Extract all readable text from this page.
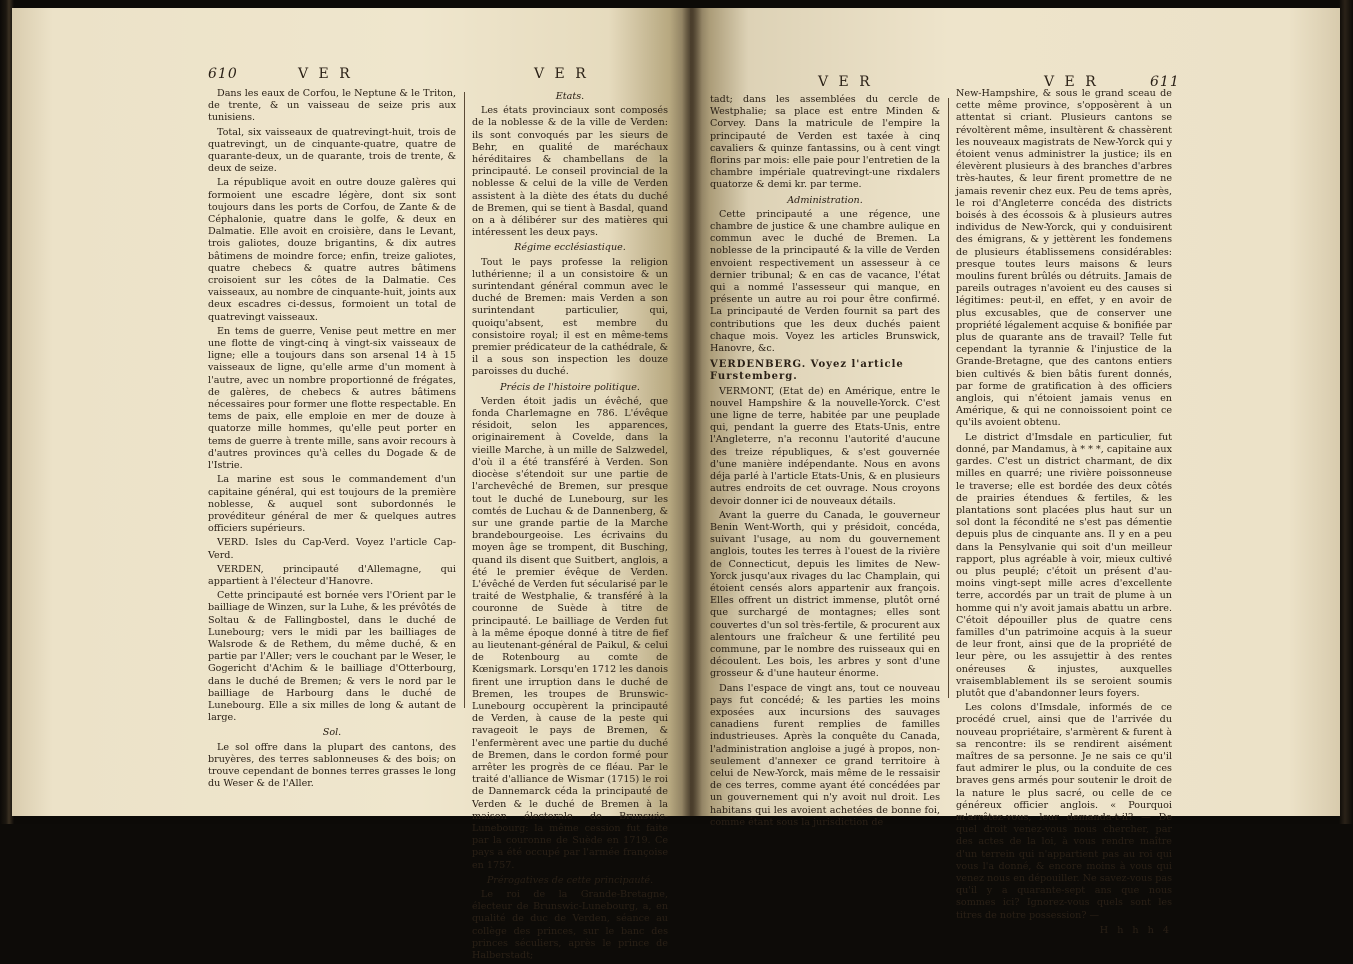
610	V E R	V E R

Dans les eaux de Corfou, le Neptune & le Triton, de trente, & un vaisseau de seize pris aux tunisiens.

Total, six vaisseaux de quatrevingt-huit, trois de quatrevingt, un de cinquante-quatre, quatre de quarante-deux, un de quarante, trois de trente, & deux de seize.

La république avoit en outre douze galères qui formoient une escadre légère, dont six sont toujours dans les ports de Corfou, de Zante & de Céphalonie, quatre dans le golfe, & deux en Dalmatie. Elle avoit en croisière, dans le Levant, trois galiotes, douze brigantins, & dix autres bâtimens de moindre force; enfin, treize galiotes, quatre chebecs & quatre autres bâtimens croisoient sur les côtes de la Dalmatie. Ces vaisseaux, au nombre de cinquante-huit, joints aux deux escadres ci-dessus, formoient un total de quatrevingt vaisseaux.

En tems de guerre, Venise peut mettre en mer une flotte de vingt-cinq à vingt-six vaisseaux de ligne; elle a toujours dans son arsenal 14 à 15 vaisseaux de ligne, qu'elle arme d'un moment à l'autre, avec un nombre proportionné de frégates, de galères, de chebecs & autres bâtimens nécessaires pour former une flotte respectable. En tems de paix, elle emploie en mer de douze à quatorze mille hommes, qu'elle peut porter en tems de guerre à trente mille, sans avoir recours à d'autres provinces qu'à celles du Dogade & de l'Istrie.

La marine est sous le commandement d'un capitaine général, qui est toujours de la première noblesse, & auquel sont subordonnés le provéditeur général de mer & quelques autres officiers supérieurs.

VERD. Isles du Cap-Verd. Voyez l'article Cap-Verd.

VERDEN, principauté d'Allemagne, qui appartient à l'électeur d'Hanovre.

Cette principauté est bornée vers l'Orient par le bailliage de Winzen, sur la Luhe, & les prévôtés de Soltau & de Fallingbostel, dans le duché de Lunebourg; vers le midi par les bailliages de Walsrode & de Rethem, du même duché, & en partie par l'Aller; vers le couchant par le Weser, le Gogericht d'Achim & le bailliage d'Otterbourg, dans le duché de Bremen; & vers le nord par le bailliage de Harbourg dans le duché de Lunebourg. Elle a six milles de long & autant de large.

Sol.

Le sol offre dans la plupart des cantons, des bruyères, des terres sablonneuses & des bois; on trouve cependant de bonnes terres grasses le long du Weser & de l'Aller.

Etats.

Les états provinciaux sont composés de la noblesse & de la ville de Verden: ils sont convoqués par les sieurs de Behr, en qualité de maréchaux héréditaires & chambellans de la principauté. Le conseil provincial de la noblesse & celui de la ville de Verden assistent à la diète des états du duché de Bremen, qui se tient à Basdal, quand on a à délibérer sur des matières qui intéressent les deux pays.

Régime ecclésiastique.

Tout le pays professe la religion luthérienne; il a un consistoire & un surintendant général commun avec le duché de Bremen: mais Verden a son surintendant particulier, qui, quoiqu'absent, est membre du consistoire royal; il est en même-tems premier prédicateur de la cathédrale, & il a sous son inspection les douze paroisses du duché.

Précis de l'histoire politique.

Verden étoit jadis un évêché, que fonda Charlemagne en 786. L'évêque résidoit, selon les apparences, originairement à Covelde, dans la vieille Marche, à un mille de Salzwedel, d'où il a été transféré à Verden. Son diocèse s'étendoit sur une partie de l'archevêché de Bremen, sur presque tout le duché de Lunebourg, sur les comtés de Luchau & de Dannenberg, & sur une grande partie de la Marche brandebourgeoise. Les écrivains du moyen âge se trompent, dit Busching, quand ils disent que Suitbert, anglois, a été le premier évêque de Verden. L'évêché de Verden fut sécularisé par le traité de Westphalie, & transféré à la couronne de Suède à titre de principauté. Le bailliage de Verden fut à la même époque donné à titre de fief au lieutenant-général de Paikul, & celui de Rotenbourg au comte de Kœnigsmark. Lorsqu'en 1712 les danois firent une irruption dans le duché de Bremen, les troupes de Brunswic-Lunebourg occupèrent la principauté de Verden, à cause de la peste qui ravageoit le pays de Bremen, & l'enfermèrent avec une partie du duché de Bremen, dans le cordon formé pour arrêter les progrès de ce fléau. Par le traité d'alliance de Wismar (1715) le roi de Dannemarck céda la principauté de Verden & le duché de Bremen à la maison électorale de Brunswic-Lunebourg: la même cession fut faite par la couronne de Suède en 1719. Ce pays a été occupé par l'armée françoise en 1757.

Prérogatives de cette principauté.

Le roi de la Grande-Bretagne, électeur de Brunswic-Lunebourg, a, en qualité de duc de Verden, séance au collège des princes, sur le banc des princes séculiers, après le prince de Halberstadt;

V E R	V E R	611

tadt; dans les assemblées du cercle de Westphalie; sa place est entre Minden & Corvey. Dans la matricule de l'empire la principauté de Verden est taxée à cinq cavaliers & quinze fantassins, ou à cent vingt florins par mois: elle paie pour l'entretien de la chambre impériale quatrevingt-une rixdalers quatorze & demi kr. par terme.

Administration.

Cette principauté a une régence, une chambre de justice & une chambre aulique en commun avec le duché de Bremen. La noblesse de la principauté & la ville de Verden envoient respectivement un assesseur à ce dernier tribunal; & en cas de vacance, l'état qui a nommé l'assesseur qui manque, en présente un autre au roi pour être confirmé. La principauté de Verden fournit sa part des contributions que les deux duchés paient chaque mois. Voyez les articles Brunswick, Hanovre, &c.

VERDENBERG. Voyez l'article Furstemberg.

VERMONT, (Etat de) en Amérique, entre le nouvel Hampshire & la nouvelle-Yorck. C'est une ligne de terre, habitée par une peuplade qui, pendant la guerre des Etats-Unis, entre l'Angleterre, n'a reconnu l'autorité d'aucune des treize républiques, & s'est gouvernée d'une manière indépendante. Nous en avons déja parlé à l'article Etats-Unis, & en plusieurs autres endroits de cet ouvrage. Nous croyons devoir donner ici de nouveaux détails.

Avant la guerre du Canada, le gouverneur Benin Went-Worth, qui y présidoit, concéda, suivant l'usage, au nom du gouvernement anglois, toutes les terres à l'ouest de la rivière de Connecticut, depuis les limites de New-Yorck jusqu'aux rivages du lac Champlain, qui étoient censés alors appartenir aux françois. Elles offrent un district immense, plutôt orné que surchargé de montagnes; elles sont couvertes d'un sol très-fertile, & procurent aux alentours une fraîcheur & une fertilité peu commune, par le nombre des ruisseaux qui en découlent. Les bois, les arbres y sont d'une grosseur & d'une hauteur énorme.

Dans l'espace de vingt ans, tout ce nouveau pays fut concédé; & les parties les moins exposées aux incursions des sauvages canadiens furent remplies de familles industrieuses. Après la conquête du Canada, l'administration angloise a jugé à propos, non-seulement d'annexer ce grand territoire à celui de New-Yorck, mais même de le ressaisir de ces terres, comme ayant été concédées par un gouvernement qui n'y avoit nul droit. Les habitans qui les avoient achetées de bonne foi, comme étant sous la jurisdiction de

New-Hampshire, & sous le grand sceau de cette même province, s'opposèrent à un attentat si criant. Plusieurs cantons se révoltèrent même, insultèrent & chassèrent les nouveaux magistrats de New-Yorck qui y étoient venus administrer la justice; ils en élevèrent plusieurs à des branches d'arbres très-hautes, & leur firent promettre de ne jamais revenir chez eux. Peu de tems après, le roi d'Angleterre concéda des districts boisés à des écossois & à plusieurs autres individus de New-Yorck, qui y conduisirent des émigrans, & y jettèrent les fondemens de plusieurs établissemens considérables: presque toutes leurs maisons & leurs moulins furent brûlés ou détruits. Jamais de pareils outrages n'avoient eu des causes si légitimes: peut-il, en effet, y en avoir de plus excusables, que de conserver une propriété légalement acquise & bonifiée par plus de quarante ans de travail? Telle fut cependant la tyrannie & l'injustice de la Grande-Bretagne, que des cantons entiers bien cultivés & bien bâtis furent donnés, par forme de gratification à des officiers anglois, qui n'étoient jamais venus en Amérique, & qui ne connoissoient point ce qu'ils avoient obtenu.

Le district d'Imsdale en particulier, fut donné, par Mandamus, à * * *, capitaine aux gardes. C'est un district charmant, de dix milles en quarré; une rivière poissonneuse le traverse; elle est bordée des deux côtés de prairies étendues & fertiles, & les plantations sont placées plus haut sur un sol dont la fécondité ne s'est pas démentie depuis plus de cinquante ans. Il y en a peu dans la Pensylvanie qui soit d'un meilleur rapport, plus agréable à voir, mieux cultivé ou plus peuplé; c'étoit un présent d'au-moins vingt-sept mille acres d'excellente terre, accordés par un trait de plume à un homme qui n'y avoit jamais abattu un arbre. C'étoit dépouiller plus de quatre cens familles d'un patrimoine acquis à la sueur de leur front, ainsi que de la propriété de leur père, ou les assujettir à des rentes onéreuses & injustes, auxquelles vraisemblablement ils se seroient soumis plutôt que d'abandonner leurs foyers.

Les colons d'Imsdale, informés de ce procédé cruel, ainsi que de l'arrivée du nouveau propriétaire, s'armèrent & furent à sa rencontre: ils se rendirent aisément maîtres de sa personne. Je ne sais ce qu'il faut admirer le plus, ou la conduite de ces braves gens armés pour soutenir le droit de la nature le plus sacré, ou celle de ce généreux officier anglois. « Pourquoi m'arrêtez-vous, leur demanda-t-il? — De quel droit venez-vous nous chercher, par des actes de la loi, à vous rendre maître d'un terrein qui n'appartient pas au roi qui vous l'a donné, & encore moins à vous qui venez nous en dépouiller. Ne savez-vous pas qu'il y a quarante-sept ans que nous sommes ici? Ignorez-vous quels sont les titres de notre possession? —

H h h h 4
